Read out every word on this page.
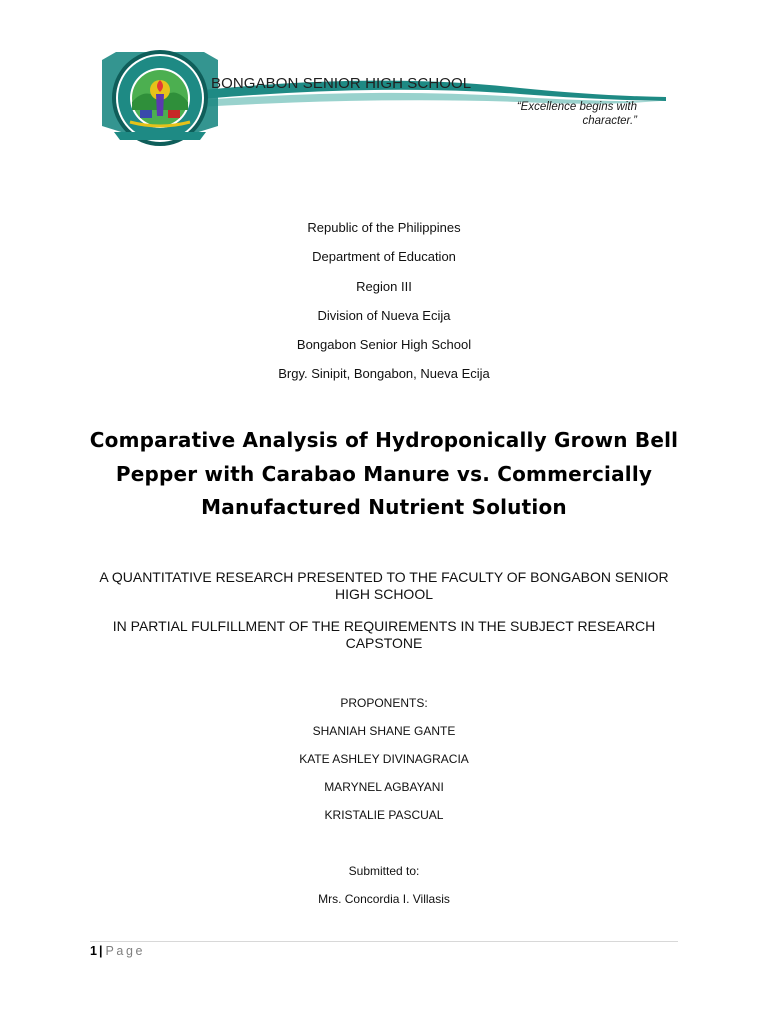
BONGABON SENIOR HIGH SCHOOL
“Excellence begins with character.”
Republic of the Philippines
Department of Education
Region III
Division of Nueva Ecija
Bongabon Senior High School
Brgy. Sinipit, Bongabon, Nueva Ecija
Comparative Analysis of Hydroponically Grown Bell Pepper with Carabao Manure vs. Commercially Manufactured Nutrient Solution
A QUANTITATIVE RESEARCH PRESENTED TO THE FACULTY OF BONGABON SENIOR HIGH SCHOOL
IN PARTIAL FULFILLMENT OF THE REQUIREMENTS IN THE SUBJECT RESEARCH CAPSTONE
PROPONENTS:
SHANIAH SHANE GANTE
KATE ASHLEY DIVINAGRACIA
MARYNEL AGBAYANI
KRISTALIE PASCUAL
Submitted to:
Mrs. Concordia I. Villasis
1 | Page
